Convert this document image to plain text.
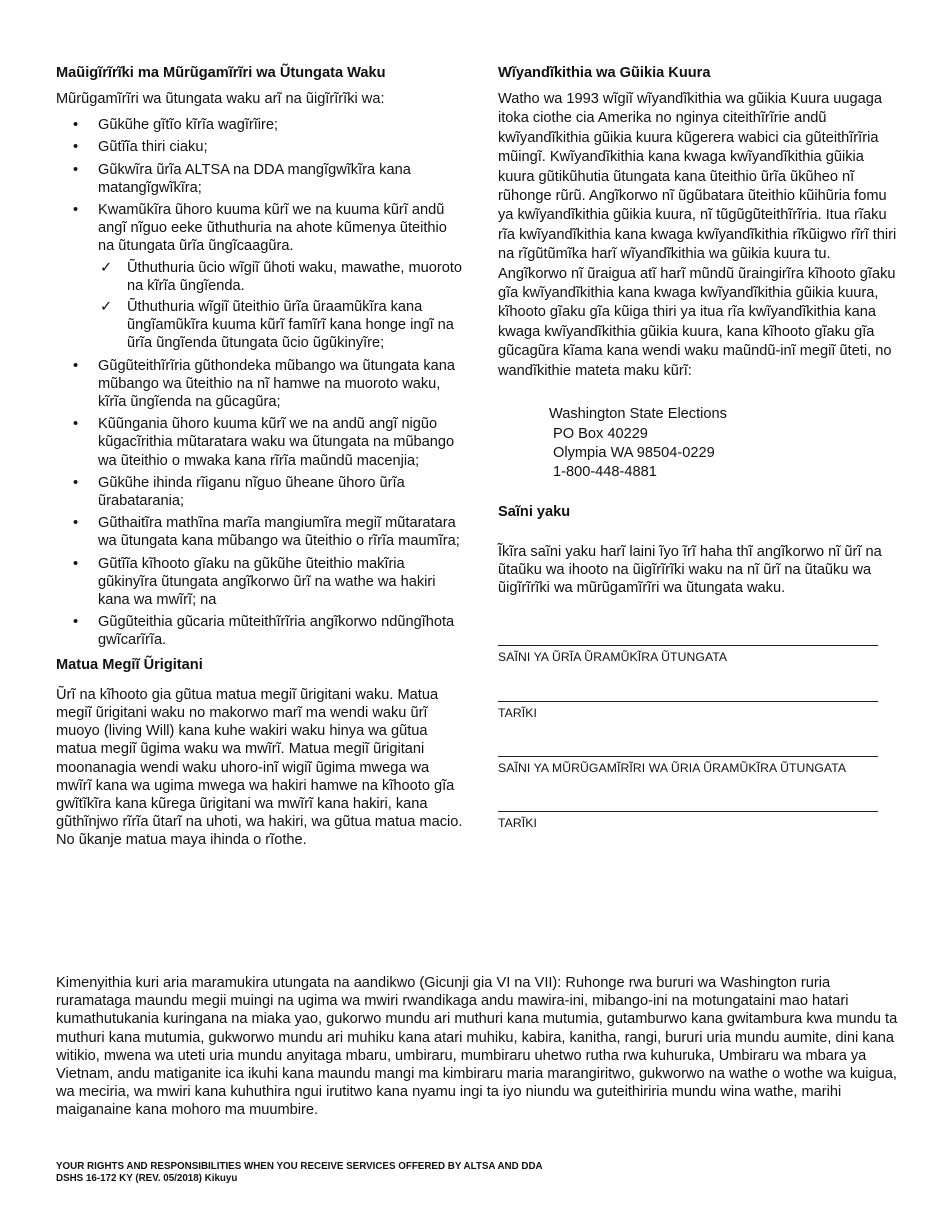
Maũigĩrĩrĩki ma Mũrũgamĩrĩri wa Ũtungata Waku

Mũrũgamĩrĩri wa ũtungata waku arĩ na ũigĩrĩrĩki wa:

• Gũkũhe gĩtĩo kĩrĩa wagĩrĩire;
• Gũtĩĩa thiri ciaku;
• Gũkwĩra ũrĩa ALTSA na DDA mangĩgwĩkĩra kana matangĩgwĩkĩra;
• Kwamũkĩra ũhoro kuuma kũrĩ we na kuuma kũrĩ andũ angĩ nĩguo eeke ũthuthuria na ahote kũmenya ũteithio na ũtungata ũrĩa ũngĩcaagũra.
✓ Ũthuthuria ũcio wĩgiĩ ũhoti waku, mawathe, muoroto na kĩrĩa ũngĩenda.
✓ Ũthuthuria wĩgiĩ ũteithio ũrĩa ũraamũkĩra kana ũngĩamũkĩra kuuma kũrĩ famĩrĩ kana honge ingĩ na ũrĩa ũngĩenda ũtungata ũcio ũgũkinyĩre;
• Gũgũteithĩrĩria gũthondeka mũbango wa ũtungata kana mũbango wa ũteithio na nĩ hamwe na muoroto waku, kĩrĩa ũngĩenda na gũcagũra;
• Kũũngania ũhoro kuuma kũrĩ we na andũ angĩ nigũo kũgacĩrithia mũtaratara waku wa ũtungata na mũbango wa ũteithio o mwaka kana rĩrĩa maũndũ macenjia;
• Gũkũhe ihinda rĩiganu nĩguo ũheane ũhoro ũrĩa ũrabatarania;
• Gũthaitĩra mathĩna marĩa mangiumĩra megiĩ mũtaratara wa ũtungata kana mũbango wa ũteithio o rĩrĩa maumĩra;
• Gũtĩĩa kĩhooto gĩaku na gũkũhe ũteithio makĩria gũkinyĩra ũtungata angĩkorwo ũrĩ na wathe wa hakiri kana wa mwĩrĩ; na
• Gũgũteithia gũcaria mũteithĩrĩria angĩkorwo ndũngĩhota gwĩcarĩrĩa.
Matua Megiĩ Ũrigitani

Ũrĩ na kĩhooto gia gũtua matua megiĩ ũrigitani waku. Matua megiĩ ũrigitani waku no makorwo marĩ ma wendi waku ũrĩ muoyo (living Will) kana kuhe wakiri waku hinya wa gũtua matua megiĩ ũgima waku wa mwĩrĩ. Matua megiĩ ũrigitani moonanagia wendi waku uhoro-inĩ wigiĩ ũgima mwega wa mwĩrĩ kana wa ugima mwega wa hakiri hamwe na kĩhooto gĩa gwĩtĩkĩra kana kũrega ũrigitani wa mwĩrĩ kana hakiri, kana gũthĩnjwo rĩrĩa ũtarĩ na uhoti, wa hakiri, wa gũtua matua macio. No ũkanje matua maya ihinda o rĩothe.

Wĩyandĩkithia wa Gũikia Kuura

Watho wa 1993 wĩgiĩ wĩyandĩkithia wa gũikia Kuura uugaga itoka ciothe cia Amerika no nginya citeithĩrĩrie andũ kwĩyandĩkithia gũikia kuura kũgerera wabici cia gũteithĩrĩria mũingĩ. Kwĩyandĩkithia kana kwaga kwĩyandĩkithia gũikia kuura gũtikũhutia ũtungata kana ũteithio ũrĩa ũkũheo nĩ rũhonge rũrũ. Angĩkorwo nĩ ũgũbatara ũteithio kũihũria fomu ya kwĩyandĩkithia gũikia kuura, nĩ tũgũgũteithĩrĩria. Itua rĩaku rĩa kwĩyandĩkithia kana kwaga kwĩyandĩkithia rĩkũigwo rĩrĩ thiri na rĩgũtũmĩka harĩ wĩyandĩkithia wa gũikia kuura tu. Angĩkorwo nĩ ũraigua atĩ harĩ mũndũ ũraingirĩra kĩhooto gĩaku gĩa kwĩyandĩkithia kana kwaga kwĩyandĩkithia gũikia kuura, kĩhooto gĩaku gĩa kũiga thiri ya itua rĩa kwĩyandĩkithia kana kwaga kwĩyandĩkithia gũikia kuura, kana kĩhooto gĩaku gĩa gũcagũra kĩama kana wendi waku maũndũ-inĩ megiĩ ũteti, no wandĩkithie mateta maku kũrĩ:

Washington State Elections
PO Box 40229
Olympia WA 98504-0229
1-800-448-4881
Saĩni yaku

Ĩkĩra saĩni yaku harĩ laini ĩyo ĩrĩ haha thĩ angĩkorwo nĩ ũrĩ na ũtaũku wa ihooto na ũigĩrĩrĩki waku na nĩ ũrĩ na ũtaũku wa ũigĩrĩrĩki wa mũrũgamĩrĩri wa ũtungata waku.

SAĨNI YA ŨRĨA ŨRAMŨKĨRA ŨTUNGATA
TARĨKI
SAĨNI YA MŨRŨGAMĨRĨRI WA ŨRIA ŨRAMŨKĨRA ŨTUNGATA
TARĨKI

Kimenyithia kuri aria maramukira utungata na aandikwo (Gicunji gia VI na VII): Ruhonge rwa bururi wa Washington ruria ruramataga maundu megii muingi na ugima wa mwiri rwandikaga andu mawira-ini, mibango-ini na motungataini mao hatari kumathutukania kuringana na miaka yao, gukorwo mundu ari muthuri kana mutumia, gutamburwo kana gwitambura kwa mundu ta muthuri kana mutumia, gukworwo mundu ari muhiku kana atari muhiku, kabira, kanitha, rangi, bururi uria mundu aumite, dini kana witikio, mwena wa uteti uria mundu anyitaga mbaru, umbiraru, mumbiraru uhetwo rutha rwa kuhuruka, Umbiraru wa mbara ya Vietnam, andu matiganite ica ikuhi kana maundu mangi ma kimbiraru maria marangiritwo, gukworwo na wathe o wothe wa kuigua, wa meciria, wa mwiri kana kuhuthira ngui irutitwo kana nyamu ingi ta iyo niundu wa guteithiriria mundu wina wathe, marihi maiganaine kana mohoro ma muumbire.

YOUR RIGHTS AND RESPONSIBILITIES WHEN YOU RECEIVE SERVICES OFFERED BY ALTSA AND DDA
DSHS 16-172 KY (REV. 05/2018) Kikuyu
